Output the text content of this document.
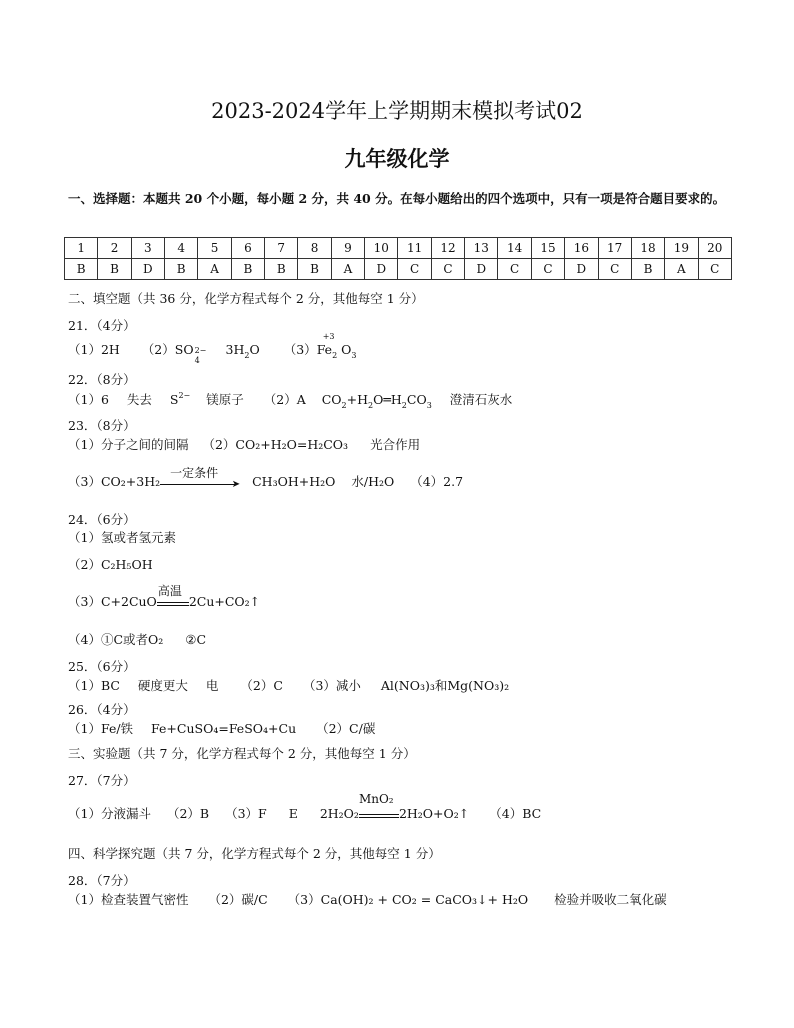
2023-2024学年上学期期末模拟考试02
九年级化学
一、选择题：本题共 20 个小题，每小题 2 分，共 40 分。在每小题给出的四个选项中，只有一项是符合题目要求的。
1	2	3	4	5	6	7	8	9	10	11	12	13	14	15	16	17	18	19	20
B	B	D	B	A	B	B	B	A	D	C	C	D	C	C	D	C	B	A	C
二、填空题（共 36 分，化学方程式每个 2 分，其他每空 1 分）
21．（4分）
（1）2H （2）SO 2−
4
$3H_2O$ （3）
+3
$Fe_2$ $O_3$
22．（8分）
（1）6 失去 $S^{2-}$ 镁原子 （2）A $CO_2+H_2O═H_2CO_3$ 澄清石灰水
23．（8分）
（1）分子之间的间隔 （2）CO₂+H₂O=H₂CO₃ 光合作用
（3）CO₂+3H₂
一定条件
➤ CH₃OH+H₂O 水/H₂O （4）2.7
24．（6分）
（1）氢或者氢元素
（2）C₂H₅OH
（3）C+2CuO
高温
2Cu+CO₂↑
（4）①C或者O₂ ②C
25．（6分）
（1）BC 硬度更大 电 （2）C （3）减小 Al(NO₃)₃和Mg(NO₃)₂
26．（4分）
（1）Fe/铁 Fe+CuSO₄=FeSO₄+Cu （2）C/碳
三、实验题（共 7 分，化学方程式每个 2 分，其他每空 1 分）
27．（7分）
（1）分液漏斗 （2）B （3）F E 2H₂O₂
MnO₂
2H₂O+O₂↑ （4）BC
四、科学探究题（共 7 分，化学方程式每个 2 分，其他每空 1 分）
28．（7分）
（1）检查装置气密性 （2）碳/C （3）Ca(OH)₂ + CO₂ = CaCO₃↓+ H₂O 检验并吸收二氧化碳
